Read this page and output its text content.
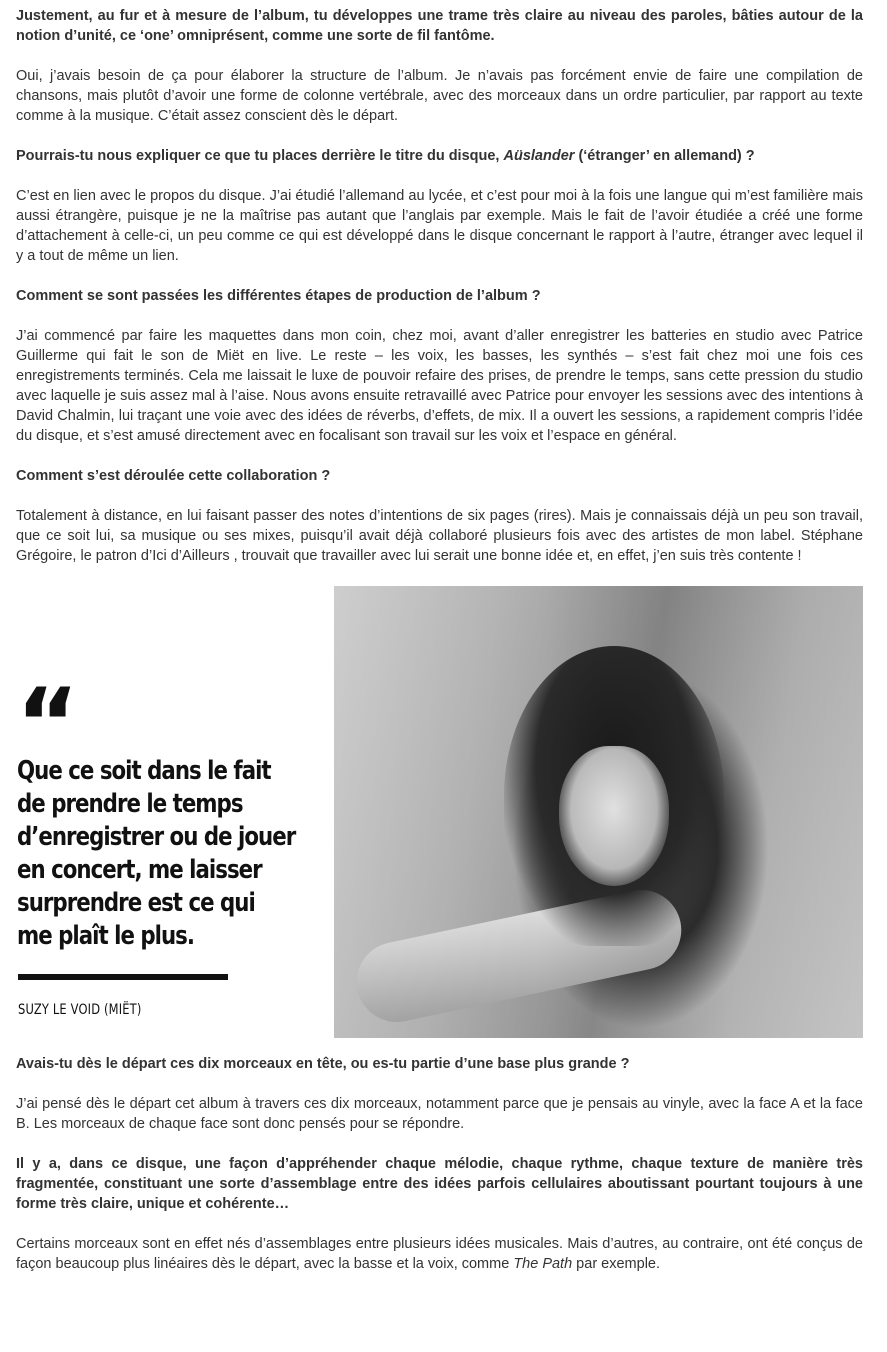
Justement, au fur et à mesure de l’album, tu développes une trame très claire au niveau des paroles, bâties autour de la notion d’unité, ce ‘one’ omniprésent, comme une sorte de fil fantôme.

Oui, j’avais besoin de ça pour élaborer la structure de l’album. Je n’avais pas forcément envie de faire une compilation de chansons, mais plutôt d’avoir une forme de colonne vertébrale, avec des morceaux dans un ordre particulier, par rapport au texte comme à la musique. C’était assez conscient dès le départ.

Pourrais-tu nous expliquer ce que tu places derrière le titre du disque, Aüslander (‘étranger’ en allemand) ?

C’est en lien avec le propos du disque. J’ai étudié l’allemand au lycée, et c’est pour moi à la fois une langue qui m’est familière mais aussi étrangère, puisque je ne la maîtrise pas autant que l’anglais par exemple. Mais le fait de l’avoir étudiée a créé une forme d’attachement à celle-ci, un peu comme ce qui est développé dans le disque concernant le rapport à l’autre, étranger avec lequel il y a tout de même un lien.

Comment se sont passées les différentes étapes de production de l’album ?

J’ai commencé par faire les maquettes dans mon coin, chez moi, avant d’aller enregistrer les batteries en studio avec Patrice Guillerme qui fait le son de Miët en live. Le reste – les voix, les basses, les synthés – s’est fait chez moi une fois ces enregistrements terminés. Cela me laissait le luxe de pouvoir refaire des prises, de prendre le temps, sans cette pression du studio avec laquelle je suis assez mal à l’aise. Nous avons ensuite retravaillé avec Patrice pour envoyer les sessions avec des intentions à David Chalmin, lui traçant une voie avec des idées de réverbs, d’effets, de mix. Il a ouvert les sessions, a rapidement compris l’idée du disque, et s’est amusé directement avec en focalisant son travail sur les voix et l’espace en général.

Comment s’est déroulée cette collaboration ?

Totalement à distance, en lui faisant passer des notes d’intentions de six pages (rires). Mais je connaissais déjà un peu son travail, que ce soit lui, sa musique ou ses mixes, puisqu’il avait déjà collaboré plusieurs fois avec des artistes de mon label. Stéphane Grégoire, le patron d’Ici d’Ailleurs , trouvait que travailler avec lui serait une bonne idée et, en effet, j’en suis très contente !

“
Que ce soit dans le fait
de prendre le temps
d’enregistrer ou de jouer
en concert, me laisser
surprendre est ce qui
me plaît le plus.
SUZY LE VOID (MIËT)

Avais-tu dès le départ ces dix morceaux en tête, ou es-tu partie d’une base plus grande ?

J’ai pensé dès le départ cet album à travers ces dix morceaux, notamment parce que je pensais au vinyle, avec la face A et la face B. Les morceaux de chaque face sont donc pensés pour se répondre.

Il y a, dans ce disque, une façon d’appréhender chaque mélodie, chaque rythme, chaque texture de manière très fragmentée, constituant une sorte d’assemblage entre des idées parfois cellulaires aboutissant pourtant toujours à une forme très claire, unique et cohérente…

Certains morceaux sont en effet nés d’assemblages entre plusieurs idées musicales. Mais d’autres, au contraire, ont été conçus de façon beaucoup plus linéaires dès le départ, avec la basse et la voix, comme The Path par exemple.
